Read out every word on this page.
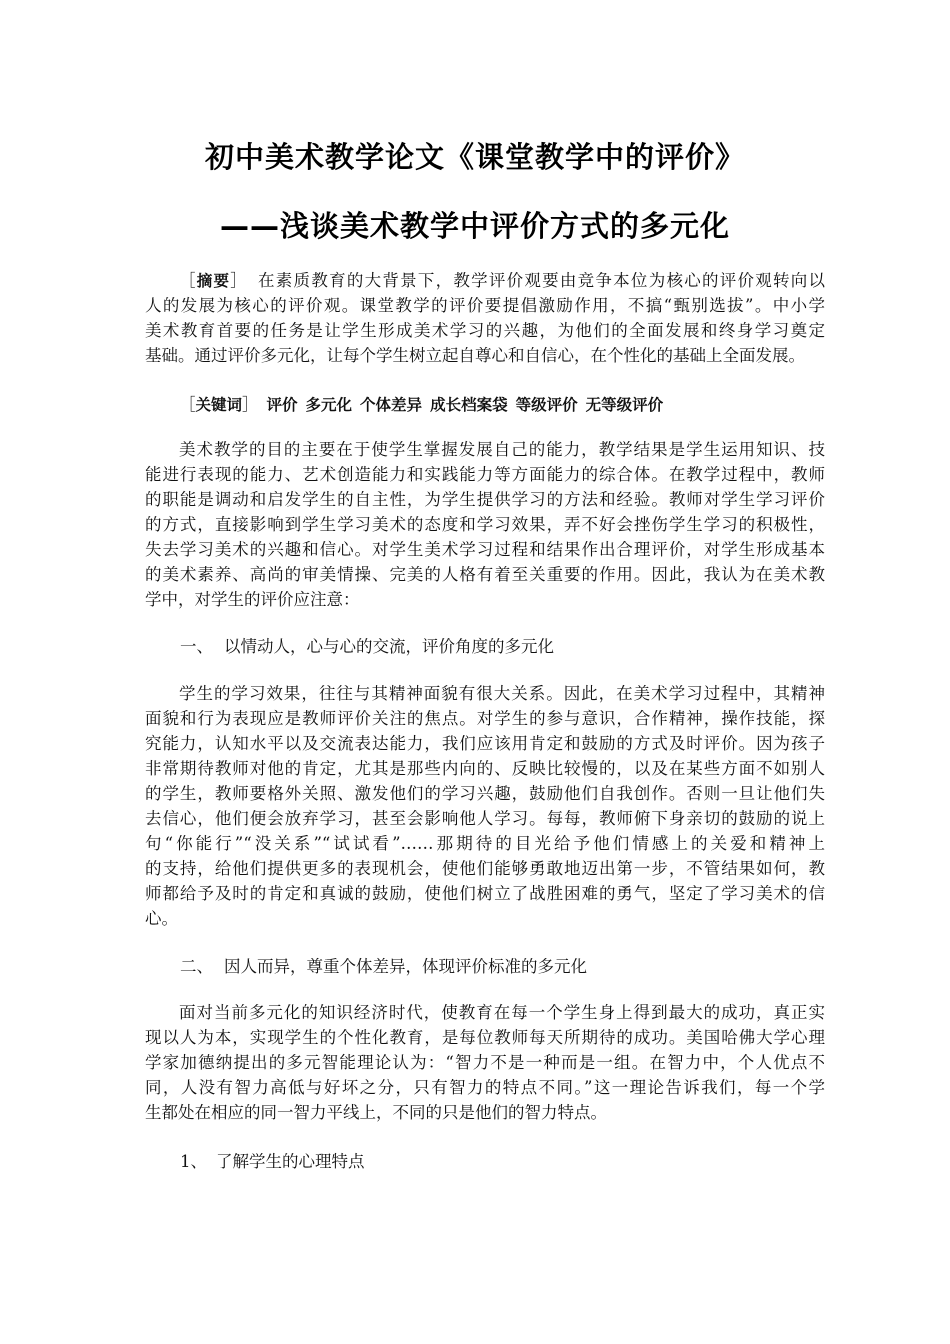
初中美术教学论文《课堂教学中的评价》
——浅谈美术教学中评价方式的多元化
［摘要］ 在素质教育的大背景下，教学评价观要由竞争本位为核心的评价观转向以
人的发展为核心的评价观。课堂教学的评价要提倡激励作用，不搞“甄别选拔”。中小学
美术教育首要的任务是让学生形成美术学习的兴趣，为他们的全面发展和终身学习奠定
基础。通过评价多元化，让每个学生树立起自尊心和自信心，在个性化的基础上全面发展。
［关键词］ 评价 多元化 个体差异 成长档案袋 等级评价 无等级评价
美术教学的目的主要在于使学生掌握发展自己的能力，教学结果是学生运用知识、技
能进行表现的能力、艺术创造能力和实践能力等方面能力的综合体。在教学过程中，教师
的职能是调动和启发学生的自主性，为学生提供学习的方法和经验。教师对学生学习评价
的方式，直接影响到学生学习美术的态度和学习效果，弄不好会挫伤学生学习的积极性，
失去学习美术的兴趣和信心。对学生美术学习过程和结果作出合理评价，对学生形成基本
的美术素养、高尚的审美情操、完美的人格有着至关重要的作用。因此，我认为在美术教
学中，对学生的评价应注意：
一、 以情动人，心与心的交流，评价角度的多元化
学生的学习效果，往往与其精神面貌有很大关系。因此，在美术学习过程中，其精神
面貌和行为表现应是教师评价关注的焦点。对学生的参与意识，合作精神，操作技能，探
究能力，认知水平以及交流表达能力，我们应该用肯定和鼓励的方式及时评价。因为孩子
非常期待教师对他的肯定，尤其是那些内向的、反映比较慢的，以及在某些方面不如别人
的学生，教师要格外关照、激发他们的学习兴趣，鼓励他们自我创作。否则一旦让他们失
去信心，他们便会放弃学习，甚至会影响他人学习。每每，教师俯下身亲切的鼓励的说上
句“你能行”“没关系”“试试看”……那期待的目光给予他们情感上的关爱和精神上
的支持，给他们提供更多的表现机会，使他们能够勇敢地迈出第一步，不管结果如何，教
师都给予及时的肯定和真诚的鼓励，使他们树立了战胜困难的勇气，坚定了学习美术的信
心。
二、 因人而异，尊重个体差异，体现评价标准的多元化
面对当前多元化的知识经济时代，使教育在每一个学生身上得到最大的成功，真正实
现以人为本，实现学生的个性化教育，是每位教师每天所期待的成功。美国哈佛大学心理
学家加德纳提出的多元智能理论认为：“智力不是一种而是一组。在智力中，个人优点不
同，人没有智力高低与好坏之分，只有智力的特点不同。”这一理论告诉我们，每一个学
生都处在相应的同一智力平线上，不同的只是他们的智力特点。
1、 了解学生的心理特点
